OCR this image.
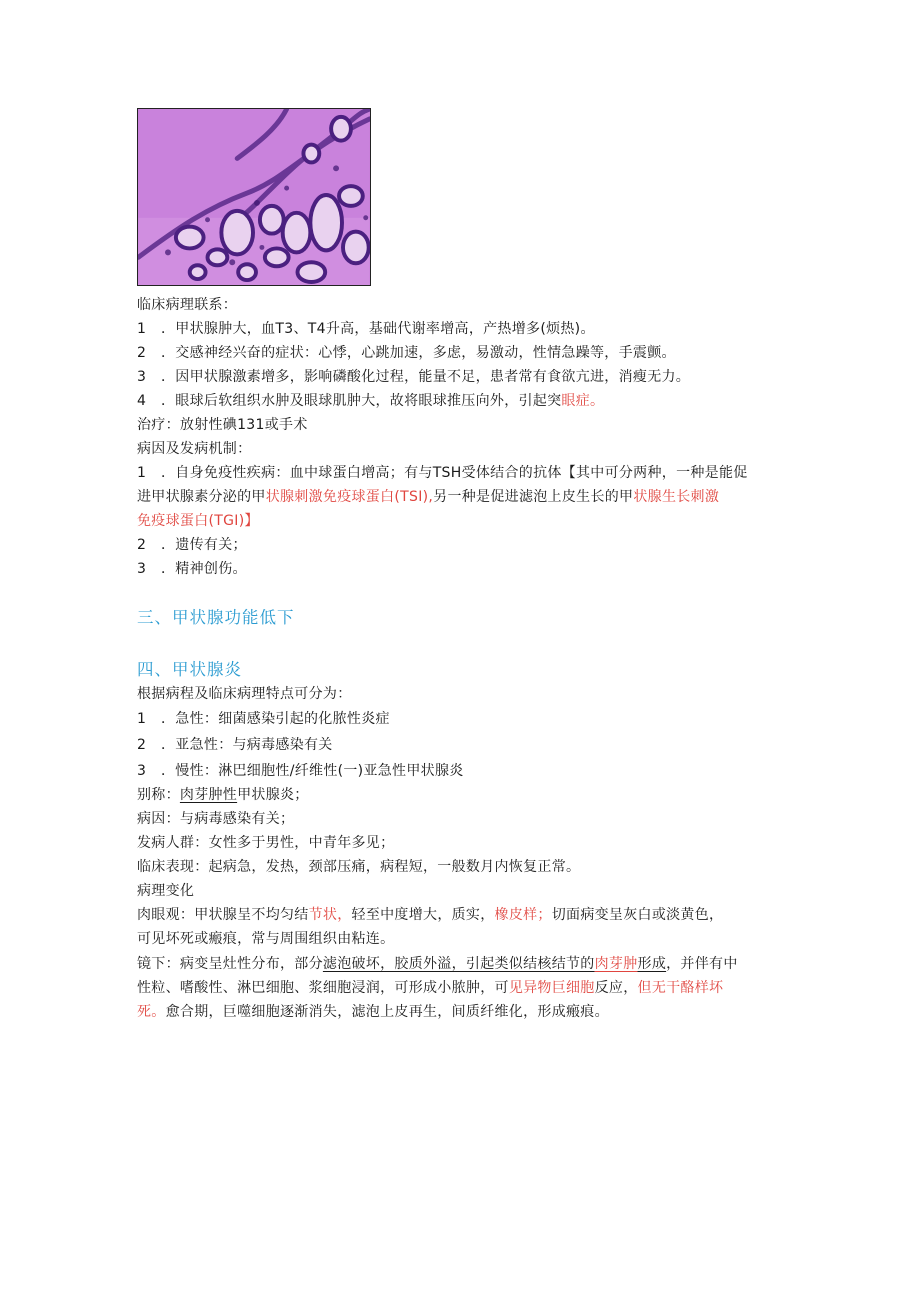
临床病理联系：
1 ．甲状腺肿大，血T3、T4升高，基础代谢率增高，产热增多(烦热)。
2 ．交感神经兴奋的症状：心悸，心跳加速，多虑，易激动，性情急躁等，手震颤。
3 ．因甲状腺激素增多，影响磷酸化过程，能量不足，患者常有食欲亢进，消瘦无力。
4 ．眼球后软组织水肿及眼球肌肿大，故将眼球推压向外，引起突眼症。
治疗：放射性碘131或手术
病因及发病机制：
1 ．自身免疫性疾病：血中球蛋白增高；有与TSH受体结合的抗体【其中可分两种，一种是能促
进甲状腺素分泌的甲状腺刺激免疫球蛋白(TSI),另一种是促进滤泡上皮生长的甲状腺生长刺激
免疫球蛋白(TGI)】
2 ．遗传有关；
3 ．精神创伤。
三、甲状腺功能低下
四、甲状腺炎
根据病程及临床病理特点可分为：
1 ．急性：细菌感染引起的化脓性炎症
2 ．亚急性：与病毒感染有关
3 ．慢性：淋巴细胞性/纤维性(一)亚急性甲状腺炎
别称：肉芽肿性甲状腺炎；
病因：与病毒感染有关；
发病人群：女性多于男性，中青年多见；
临床表现：起病急，发热，颈部压痛，病程短，一般数月内恢复正常。
病理变化
肉眼观：甲状腺呈不均匀结节状，轻至中度增大，质实，橡皮样；切面病变呈灰白或淡黄色，
可见坏死或瘢痕，常与周围组织由粘连。
镜下：病变呈灶性分布，部分滤泡破坏，胶质外溢，引起类似结核结节的肉芽肿形成，并伴有中
性粒、嗜酸性、淋巴细胞、浆细胞浸润，可形成小脓肿，可见异物巨细胞反应，但无干酪样坏
死。愈合期，巨噬细胞逐渐消失，滤泡上皮再生，间质纤维化，形成瘢痕。
